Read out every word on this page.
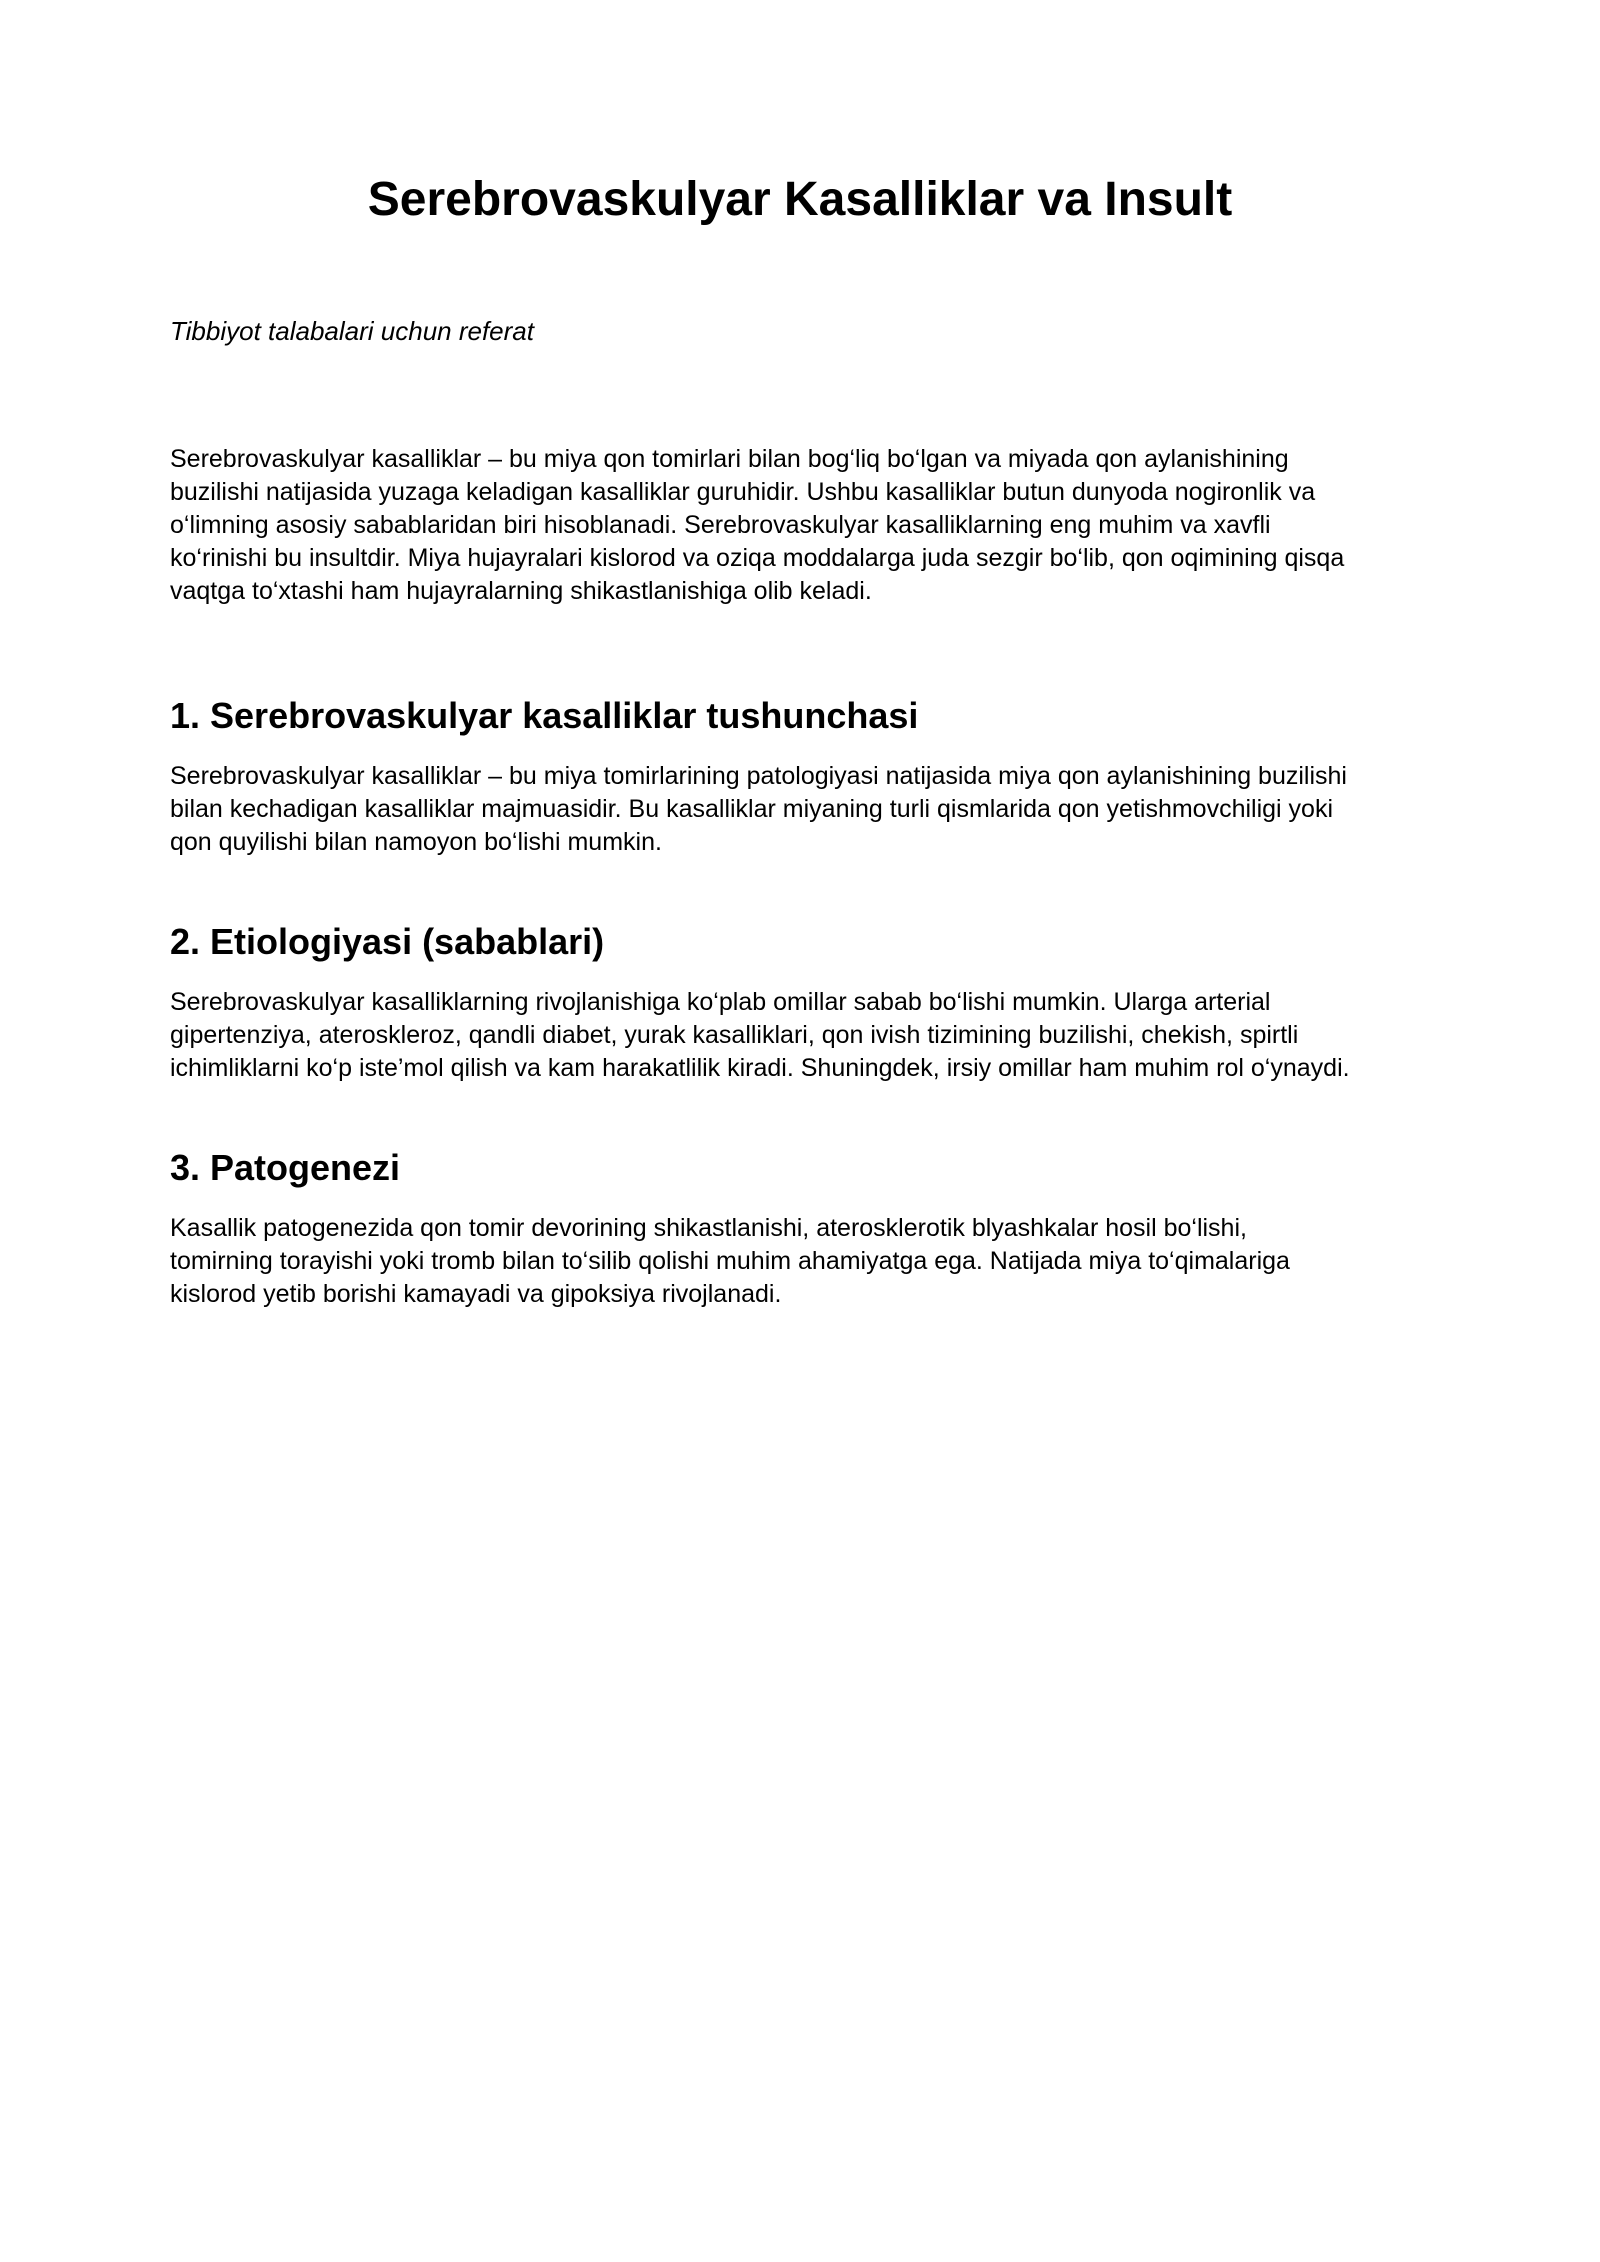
Serebrovaskulyar Kasalliklar va Insult

Tibbiyot talabalari uchun referat

Serebrovaskulyar kasalliklar – bu miya qon tomirlari bilan bog‘liq bo‘lgan va miyada qon aylanishining
buzilishi natijasida yuzaga keladigan kasalliklar guruhidir. Ushbu kasalliklar butun dunyoda nogironlik va
o‘limning asosiy sabablaridan biri hisoblanadi. Serebrovaskulyar kasalliklarning eng muhim va xavfli
ko‘rinishi bu insultdir. Miya hujayralari kislorod va oziqa moddalarga juda sezgir bo‘lib, qon oqimining qisqa
vaqtga to‘xtashi ham hujayralarning shikastlanishiga olib keladi.

1. Serebrovaskulyar kasalliklar tushunchasi

Serebrovaskulyar kasalliklar – bu miya tomirlarining patologiyasi natijasida miya qon aylanishining buzilishi
bilan kechadigan kasalliklar majmuasidir. Bu kasalliklar miyaning turli qismlarida qon yetishmovchiligi yoki
qon quyilishi bilan namoyon bo‘lishi mumkin.

2. Etiologiyasi (sabablari)

Serebrovaskulyar kasalliklarning rivojlanishiga ko‘plab omillar sabab bo‘lishi mumkin. Ularga arterial
gipertenziya, ateroskleroz, qandli diabet, yurak kasalliklari, qon ivish tizimining buzilishi, chekish, spirtli
ichimliklarni ko‘p iste’mol qilish va kam harakatlilik kiradi. Shuningdek, irsiy omillar ham muhim rol o‘ynaydi.

3. Patogenezi

Kasallik patogenezida qon tomir devorining shikastlanishi, aterosklerotik blyashkalar hosil bo‘lishi,
tomirning torayishi yoki tromb bilan to‘silib qolishi muhim ahamiyatga ega. Natijada miya to‘qimalariga
kislorod yetib borishi kamayadi va gipoksiya rivojlanadi.
